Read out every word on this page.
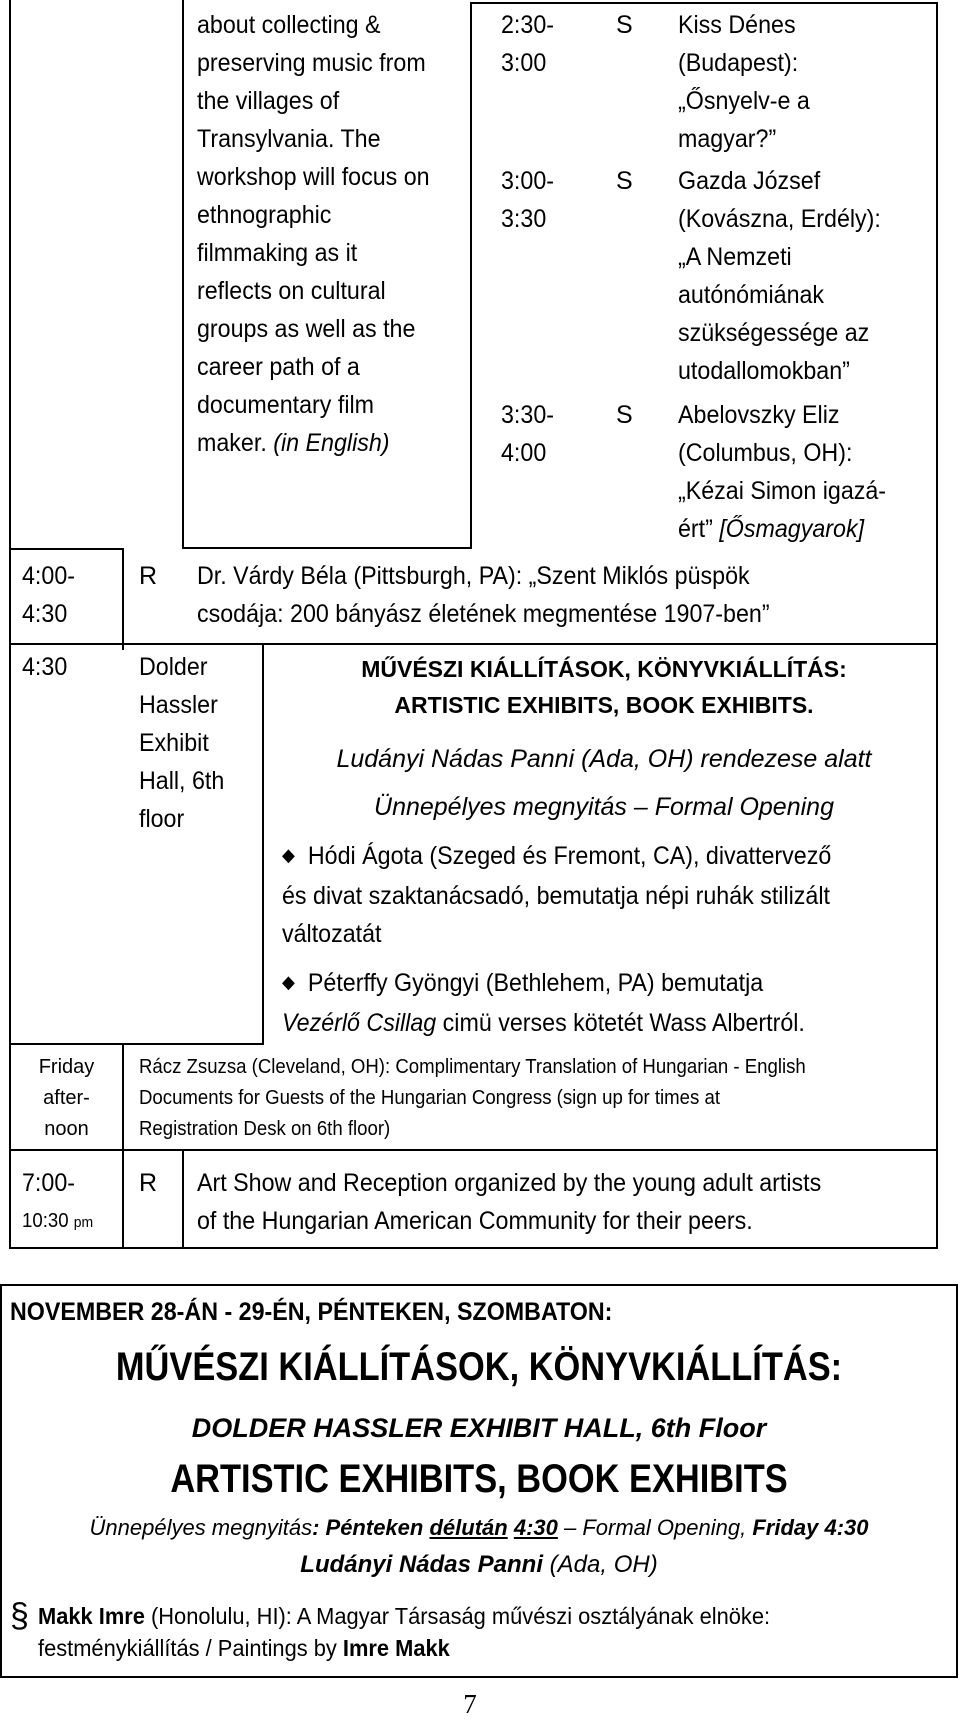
about collecting &
preserving music from
the villages of
Transylvania. The
workshop will focus on
ethnographic
filmmaking as it
reflects on cultural
groups as well as the
career path of a
documentary film
maker. (in English)
2:30-
3:00
S Kiss Dénes
(Budapest):
„Ősnyelv-e a
magyar?”
3:00-
3:30
S Gazda József
(Kovászna, Erdély):
„A Nemzeti
autónómiának
szükségessége az
utodallomokban”
3:30-
4:00
S Abelovszky Eliz
(Columbus, OH):
„Kézai Simon igazá-
ért” [Ősmagyarok]
4:00-
4:30
R Dr. Várdy Béla (Pittsburgh, PA): „Szent Miklós püspök
csodája: 200 bányász életének megmentése 1907-ben”
4:30	Dolder
Hassler
Exhibit
Hall, 6th
floor
MŰVÉSZI KIÁLLÍTÁSOK, KÖNYVKIÁLLÍTÁS:
ARTISTIC EXHIBITS, BOOK EXHIBITS.
Ludányi Nádas Panni (Ada, OH) rendezese alatt
Ünnepélyes megnyitás – Formal Opening
◆ Hódi Ágota (Szeged és Fremont, CA), divattervező
és divat szaktanácsadó, bemutatja népi ruhák stilizált
változatát
◆ Péterffy Gyöngyi (Bethlehem, PA) bemutatja
Vezérlő Csillag cimü verses kötetét Wass Albertról.
Friday
after-
noon
Rácz Zsuzsa (Cleveland, OH): Complimentary Translation of Hungarian - English
Documents for Guests of the Hungarian Congress (sign up for times at
Registration Desk on 6th floor)
7:00-
10:30 pm
R Art Show and Reception organized by the young adult artists
of the Hungarian American Community for their peers.
NOVEMBER 28-ÁN - 29-ÉN, PÉNTEKEN, SZOMBATON:
MŰVÉSZI KIÁLLÍTÁSOK, KÖNYVKIÁLLÍTÁS:
DOLDER HASSLER EXHIBIT HALL, 6th Floor
ARTISTIC EXHIBITS, BOOK EXHIBITS
Ünnepélyes megnyitás: Pénteken délután 4:30 – Formal Opening, Friday 4:30
Ludányi Nádas Panni (Ada, OH)
§ Makk Imre (Honolulu, HI): A Magyar Társaság művészi osztályának elnöke:
festménykiállítás / Paintings by Imre Makk
7
